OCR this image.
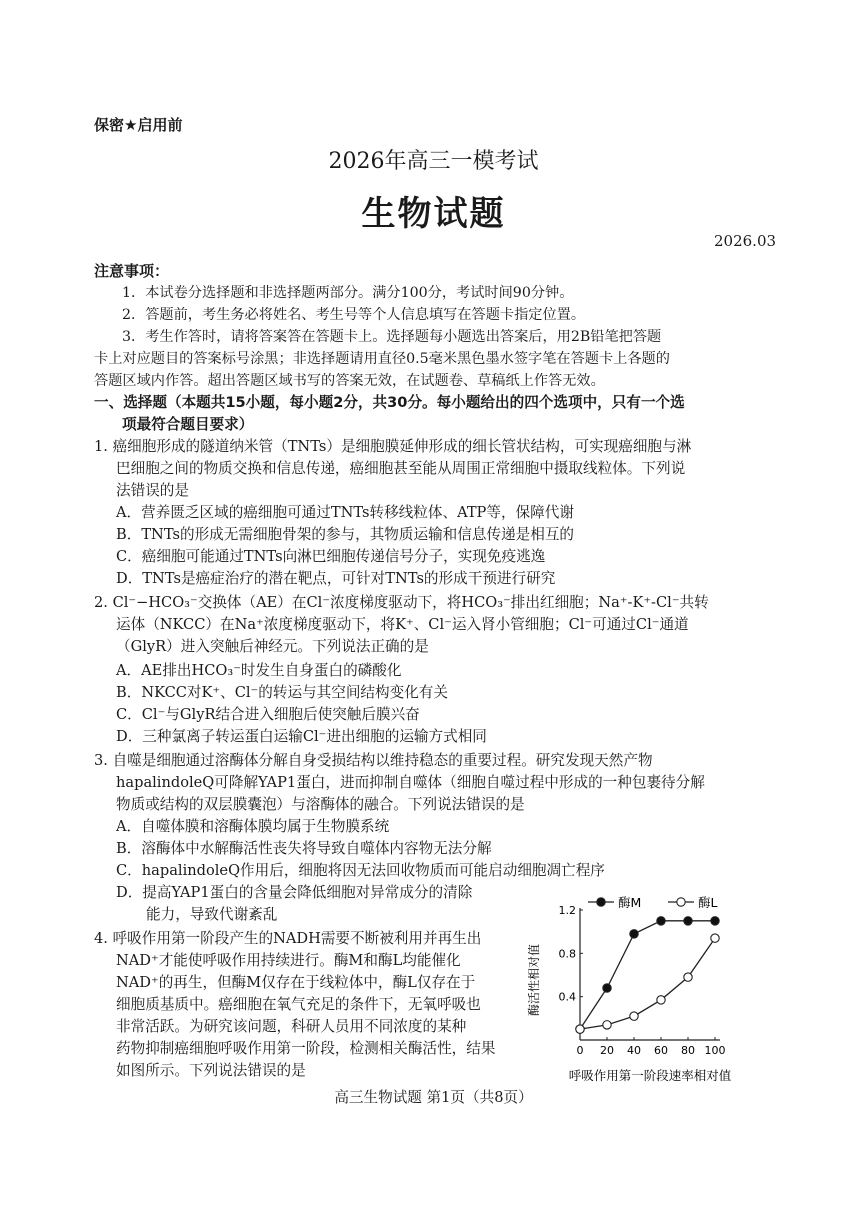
保密★启用前
2026年高三一模考试
生物试题
2026.03
注意事项：
1．本试卷分选择题和非选择题两部分。满分100分，考试时间90分钟。
2．答题前，考生务必将姓名、考生号等个人信息填写在答题卡指定位置。
3．考生作答时，请将答案答在答题卡上。选择题每小题选出答案后，用2B铅笔把答题
卡上对应题目的答案标号涂黑；非选择题请用直径0.5毫米黑色墨水签字笔在答题卡上各题的
答题区域内作答。超出答题区域书写的答案无效，在试题卷、草稿纸上作答无效。
一、选择题（本题共15小题，每小题2分，共30分。每小题给出的四个选项中，只有一个选
项最符合题目要求）
1. 癌细胞形成的隧道纳米管（TNTs）是细胞膜延伸形成的细长管状结构，可实现癌细胞与淋
巴细胞之间的物质交换和信息传递，癌细胞甚至能从周围正常细胞中摄取线粒体。下列说
法错误的是
A．营养匮乏区域的癌细胞可通过TNTs转移线粒体、ATP等，保障代谢
B．TNTs的形成无需细胞骨架的参与，其物质运输和信息传递是相互的
C．癌细胞可能通过TNTs向淋巴细胞传递信号分子，实现免疫逃逸
D．TNTs是癌症治疗的潜在靶点，可针对TNTs的形成干预进行研究
2. Cl⁻−HCO₃⁻交换体（AE）在Cl⁻浓度梯度驱动下，将HCO₃⁻排出红细胞；Na⁺-K⁺-Cl⁻共转
运体（NKCC）在Na⁺浓度梯度驱动下，将K⁺、Cl⁻运入肾小管细胞；Cl⁻可通过Cl⁻通道
（GlyR）进入突触后神经元。下列说法正确的是
A．AE排出HCO₃⁻时发生自身蛋白的磷酸化
B．NKCC对K⁺、Cl⁻的转运与其空间结构变化有关
C．Cl⁻与GlyR结合进入细胞后使突触后膜兴奋
D．三种氯离子转运蛋白运输Cl⁻进出细胞的运输方式相同
3. 自噬是细胞通过溶酶体分解自身受损结构以维持稳态的重要过程。研究发现天然产物
hapalindoleQ可降解YAP1蛋白，进而抑制自噬体（细胞自噬过程中形成的一种包裹待分解
物质或结构的双层膜囊泡）与溶酶体的融合。下列说法错误的是
A．自噬体膜和溶酶体膜均属于生物膜系统
B．溶酶体中水解酶活性丧失将导致自噬体内容物无法分解
C．hapalindoleQ作用后，细胞将因无法回收物质而可能启动细胞凋亡程序
D．提高YAP1蛋白的含量会降低细胞对异常成分的清除
能力，导致代谢紊乱
4. 呼吸作用第一阶段产生的NADH需要不断被利用并再生出
NAD⁺才能使呼吸作用持续进行。酶M和酶L均能催化
NAD⁺的再生，但酶M仅存在于线粒体中，酶L仅存在于
细胞质基质中。癌细胞在氧气充足的条件下，无氧呼吸也
非常活跃。为研究该问题，科研人员用不同浓度的某种
药物抑制癌细胞呼吸作用第一阶段，检测相关酶活性，结果
如图所示。下列说法错误的是
0 20 40 60 80 100
0.4
0.8
1.2
酶M	酶L
酶活性相对值
呼吸作用第一阶段速率相对值
高三生物试题 第1页（共8页）
